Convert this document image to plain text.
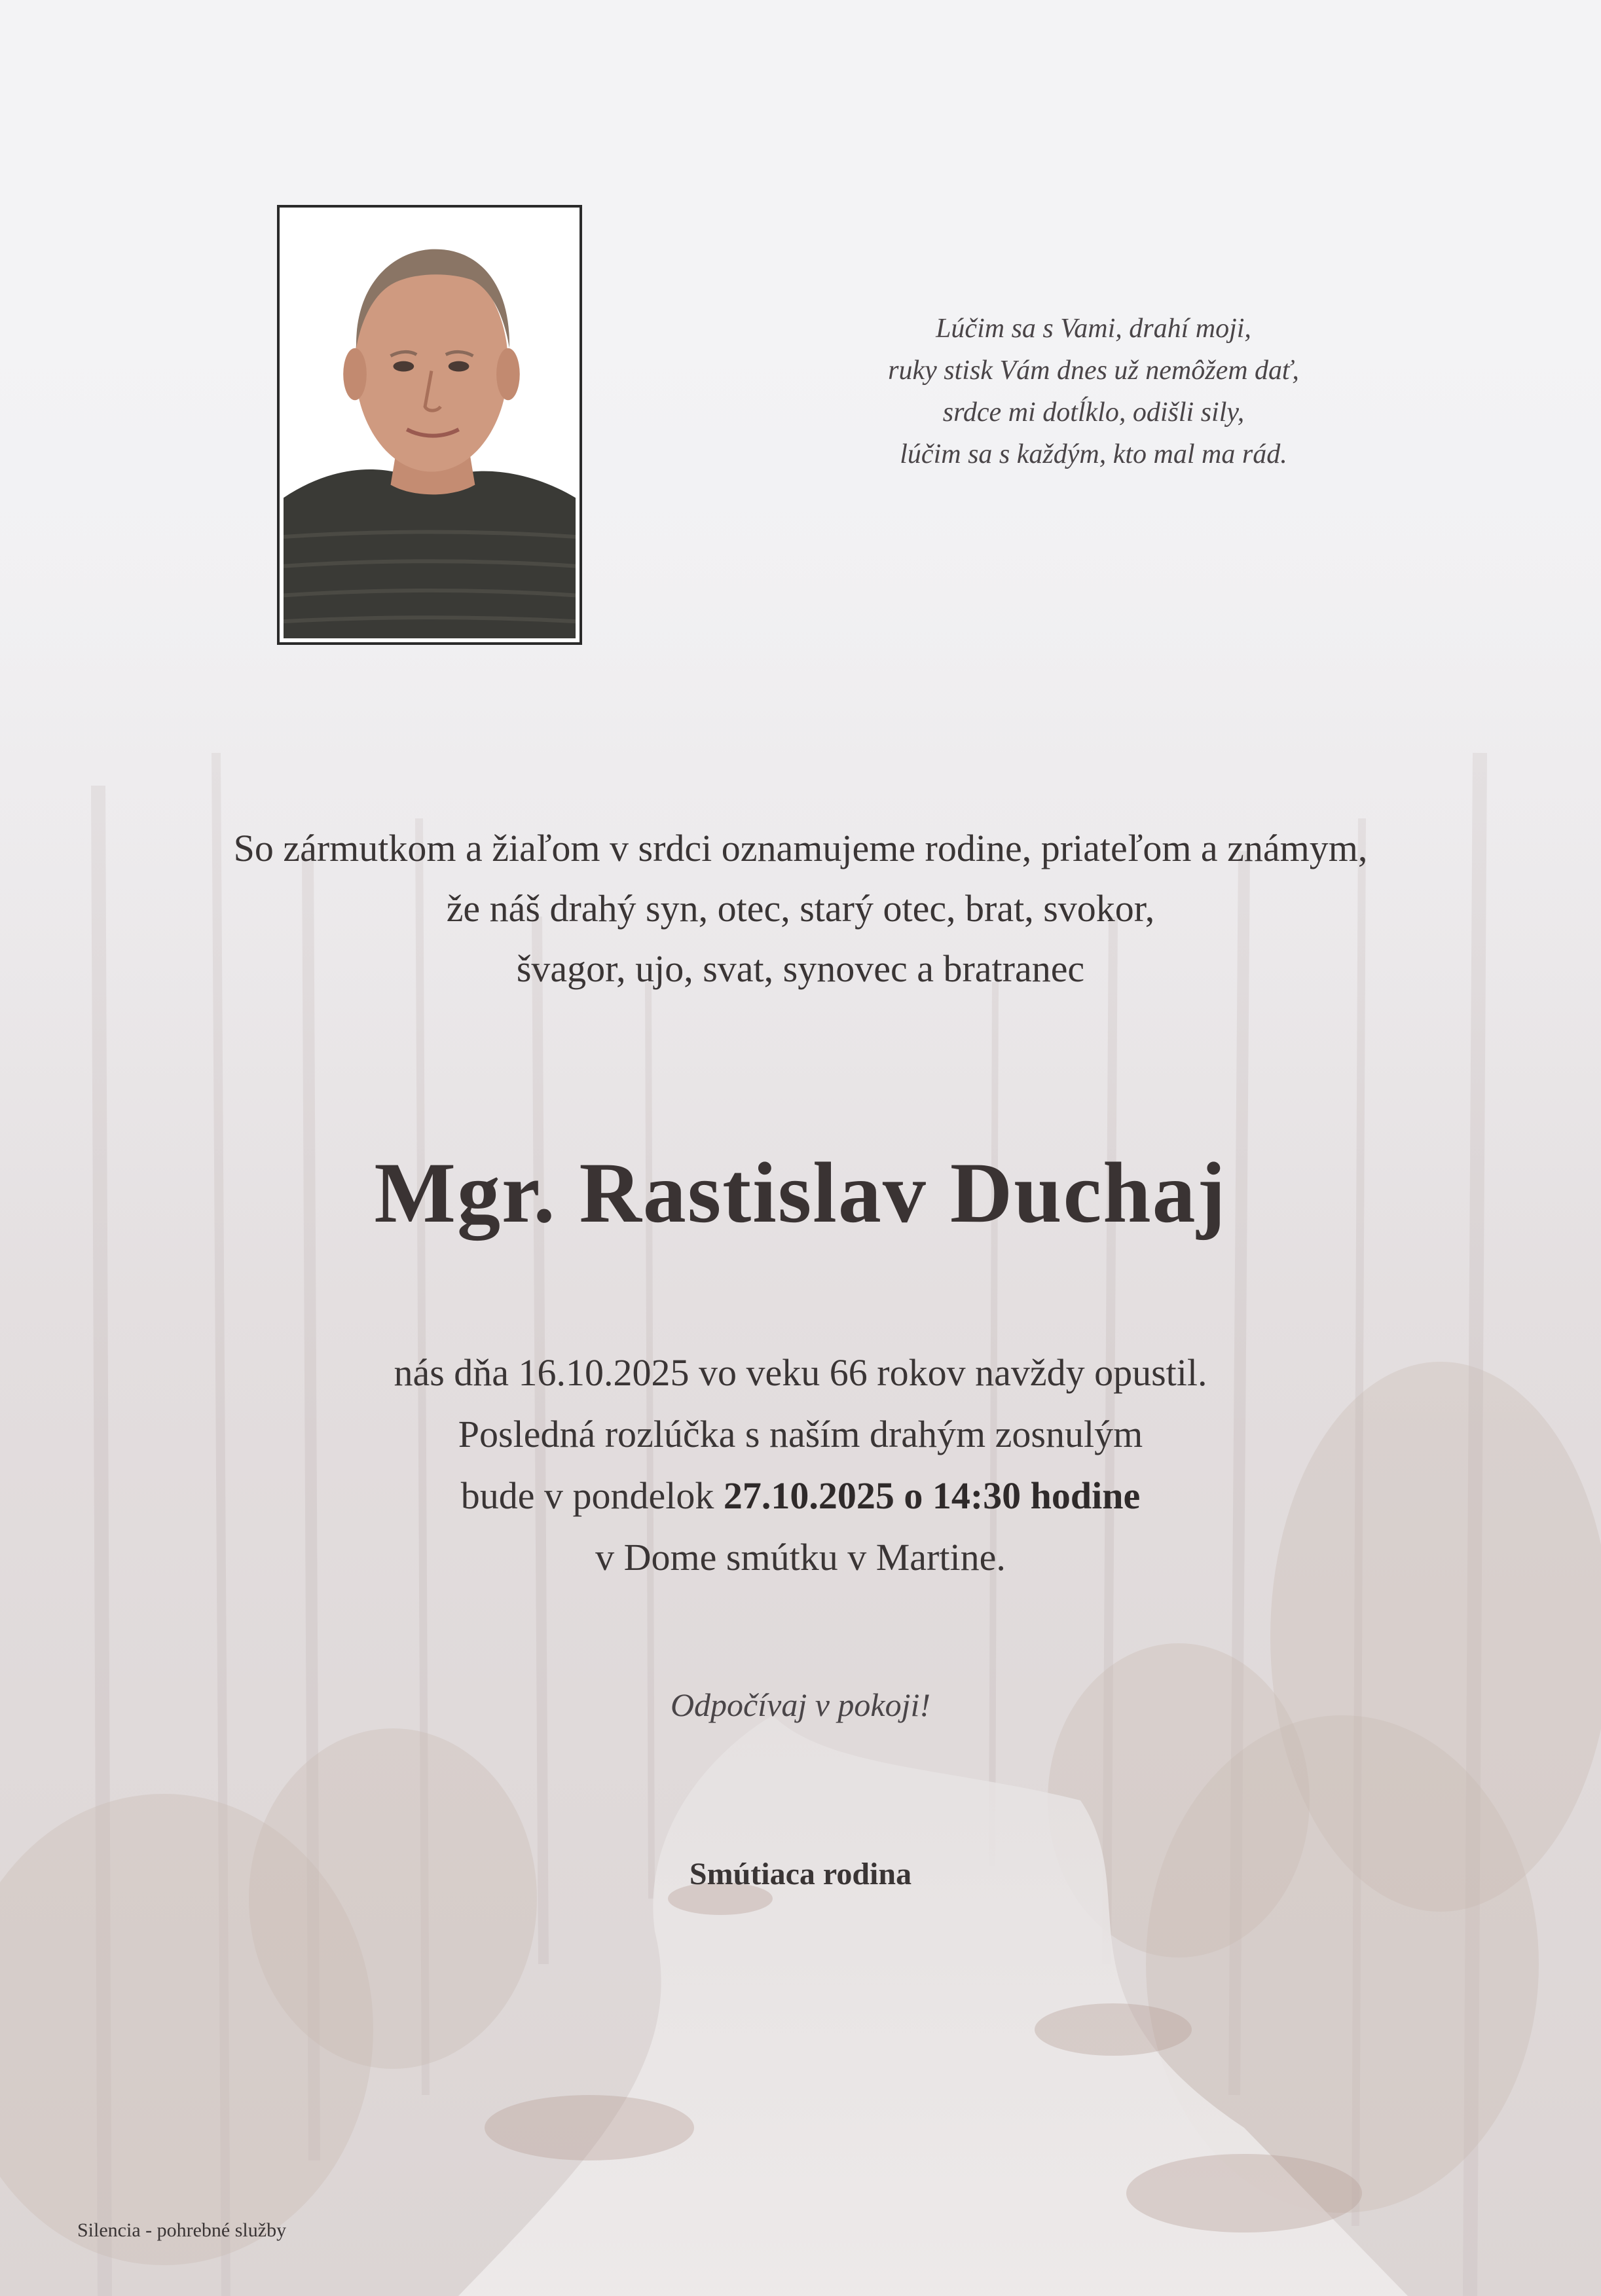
Lúčim sa s Vami, drahí moji,
ruky stisk Vám dnes už nemôžem dať,
srdce mi dotĺklo, odišli sily,
lúčim sa s každým, kto mal ma rád.
So zármutkom a žiaľom v srdci oznamujeme rodine, priateľom a známym,
že náš drahý syn, otec, starý otec, brat, svokor,
švagor, ujo, svat, synovec a bratranec
Mgr. Rastislav Duchaj
nás dňa 16.10.2025 vo veku 66 rokov navždy opustil.
Posledná rozlúčka s naším drahým zosnulým
bude v pondelok 27.10.2025 o 14:30 hodine
v Dome smútku v Martine.
Odpočívaj v pokoji!
Smútiaca rodina
Silencia - pohrebné služby
